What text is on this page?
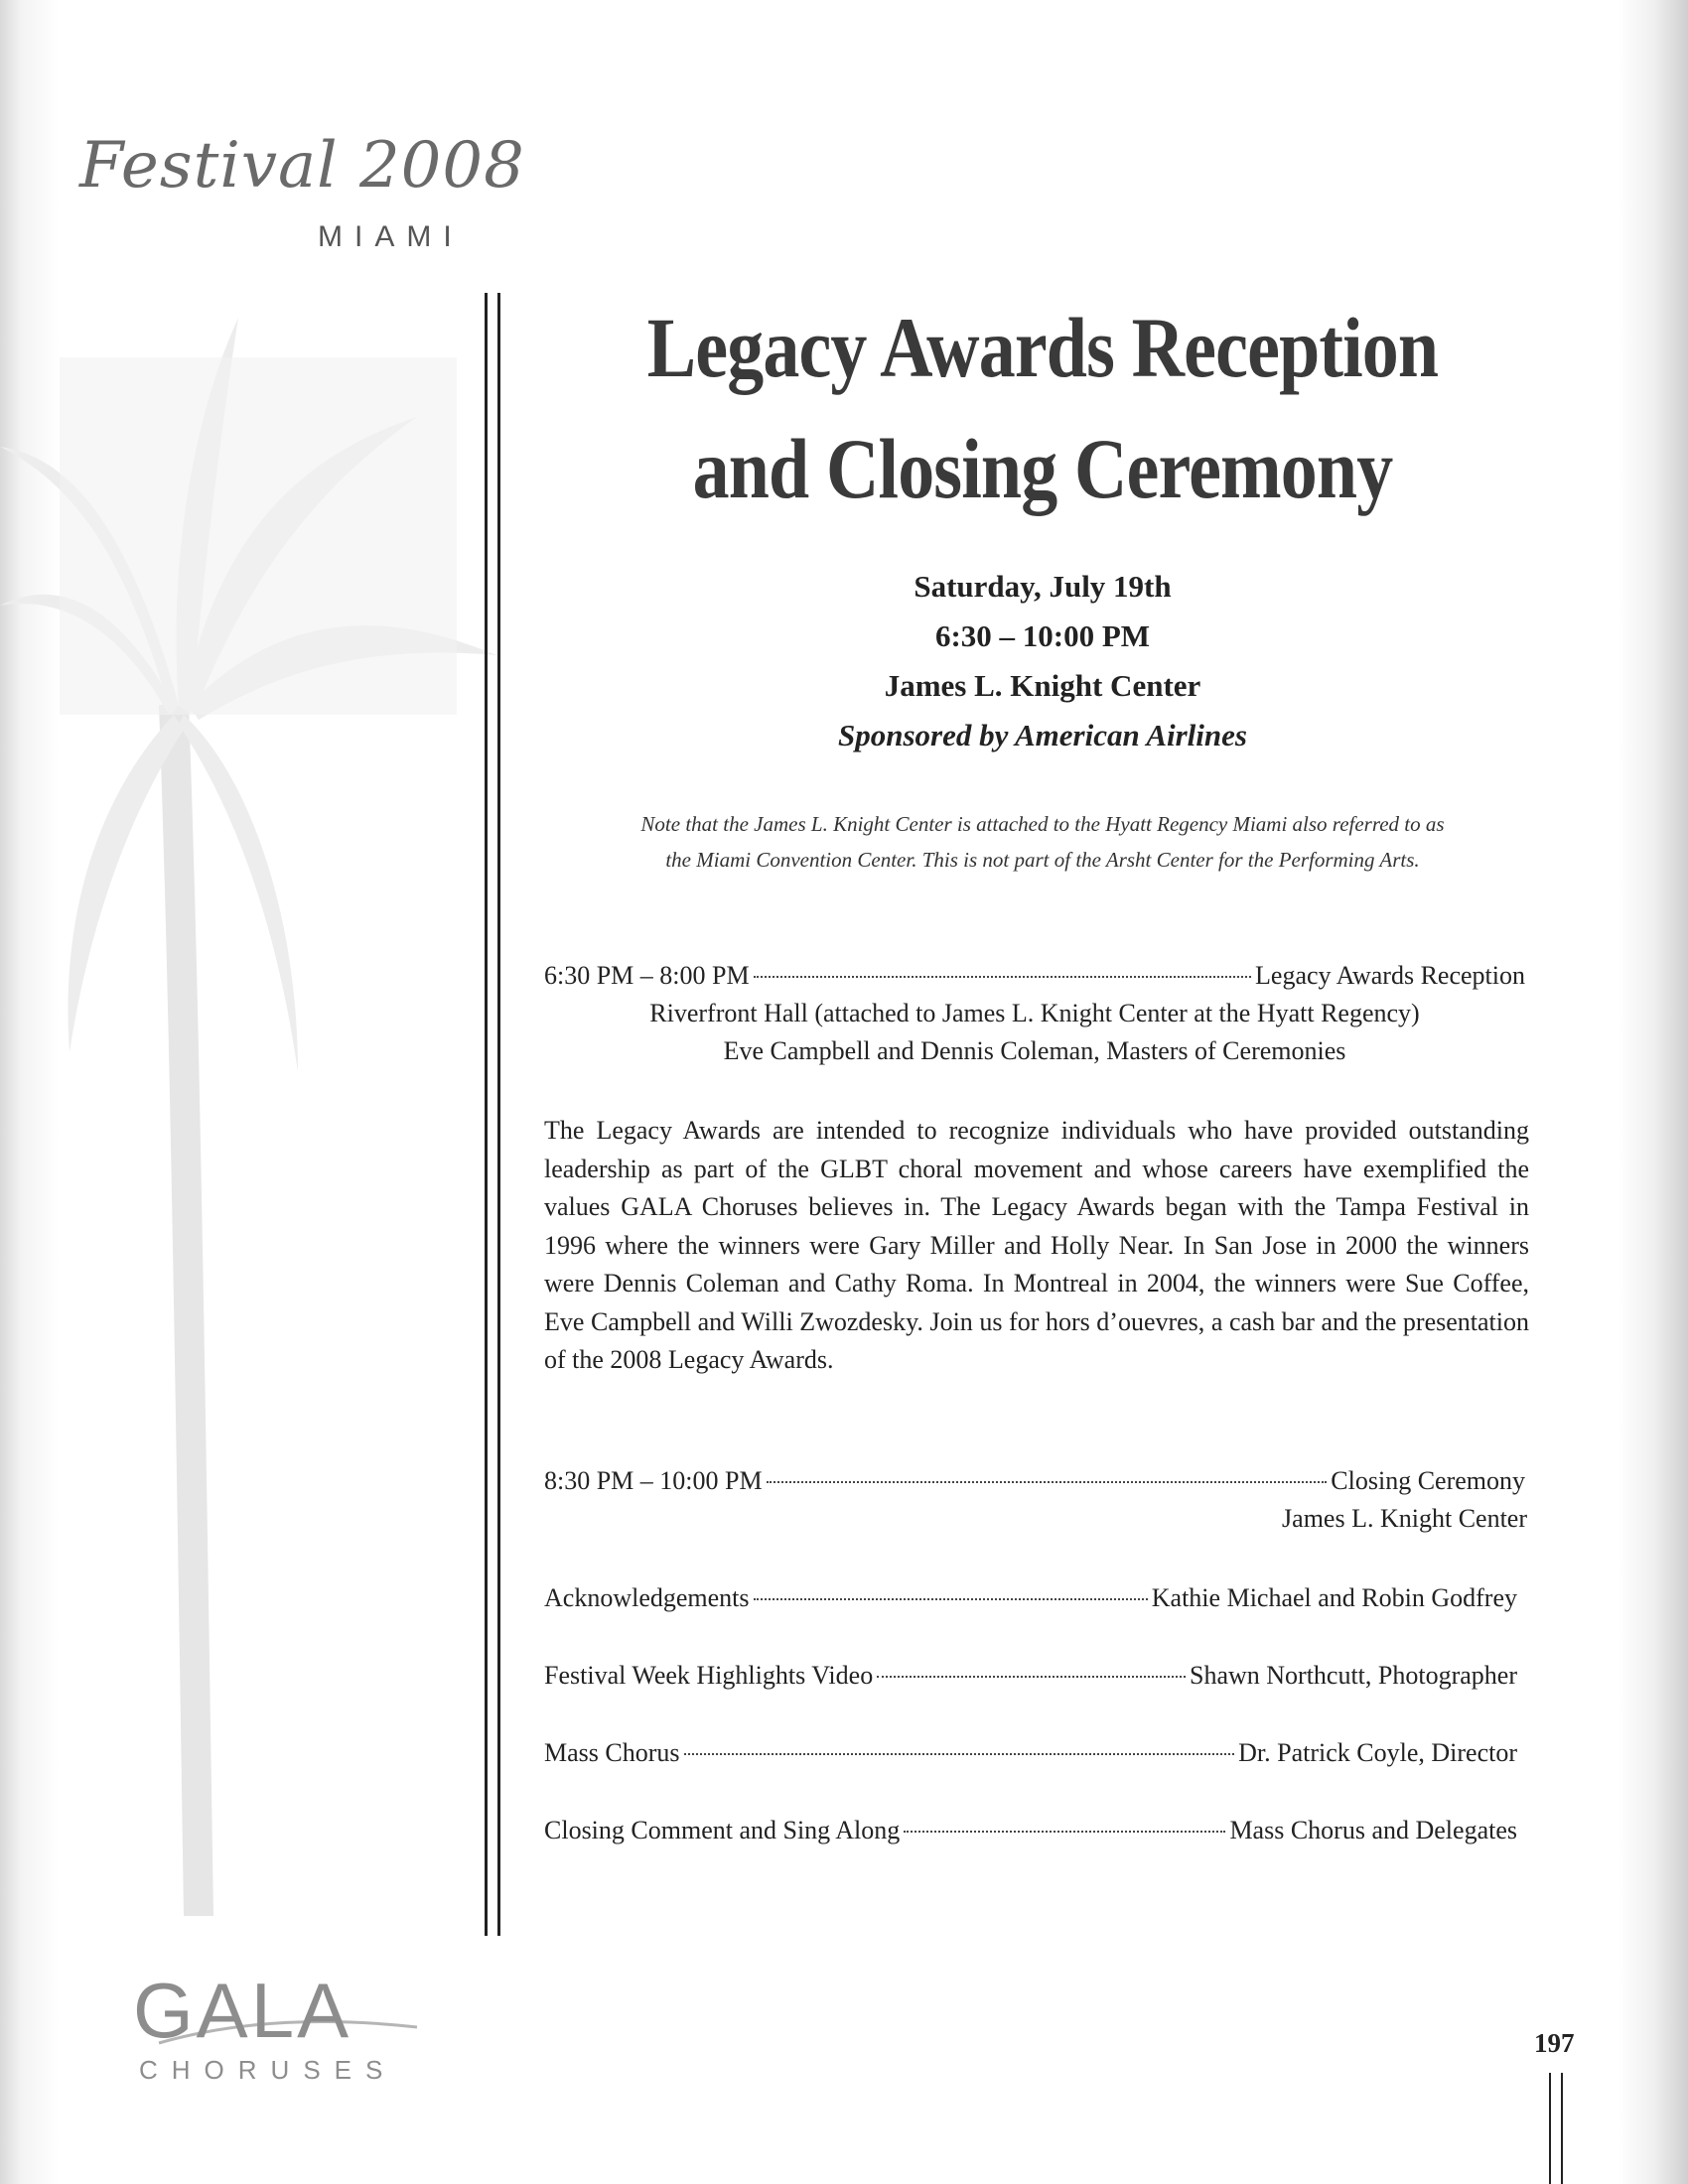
Festival 2008
MIAMI
Legacy Awards Reception
and Closing Ceremony
Saturday, July 19th
6:30 – 10:00 PM
James L. Knight Center
Sponsored by American Airlines
Note that the James L. Knight Center is attached to the Hyatt Regency Miami also referred to as
the Miami Convention Center. This is not part of the Arsht Center for the Performing Arts.
6:30 PM – 8:00 PM	Legacy Awards Reception
Riverfront Hall (attached to James L. Knight Center at the Hyatt Regency)
Eve Campbell and Dennis Coleman, Masters of Ceremonies

The Legacy Awards are intended to recognize individuals who have provided outstanding leadership as part of the GLBT choral movement and whose careers have exemplified the values GALA Choruses believes in. The Legacy Awards began with the Tampa Festival in 1996 where the winners were Gary Miller and Holly Near. In San Jose in 2000 the winners were Dennis Coleman and Cathy Roma. In Montreal in 2004, the winners were Sue Coffee, Eve Campbell and Willi Zwozdesky. Join us for hors d’ouevres, a cash bar and the presentation of the 2008 Legacy Awards.

8:30 PM – 10:00 PM	Closing Ceremony
James L. Knight Center
Acknowledgements	Kathie Michael and Robin Godfrey
Festival Week Highlights Video	Shawn Northcutt, Photographer
Mass Chorus	Dr. Patrick Coyle, Director
Closing Comment and Sing Along	Mass Chorus and Delegates
GALA
CHORUSES
197
